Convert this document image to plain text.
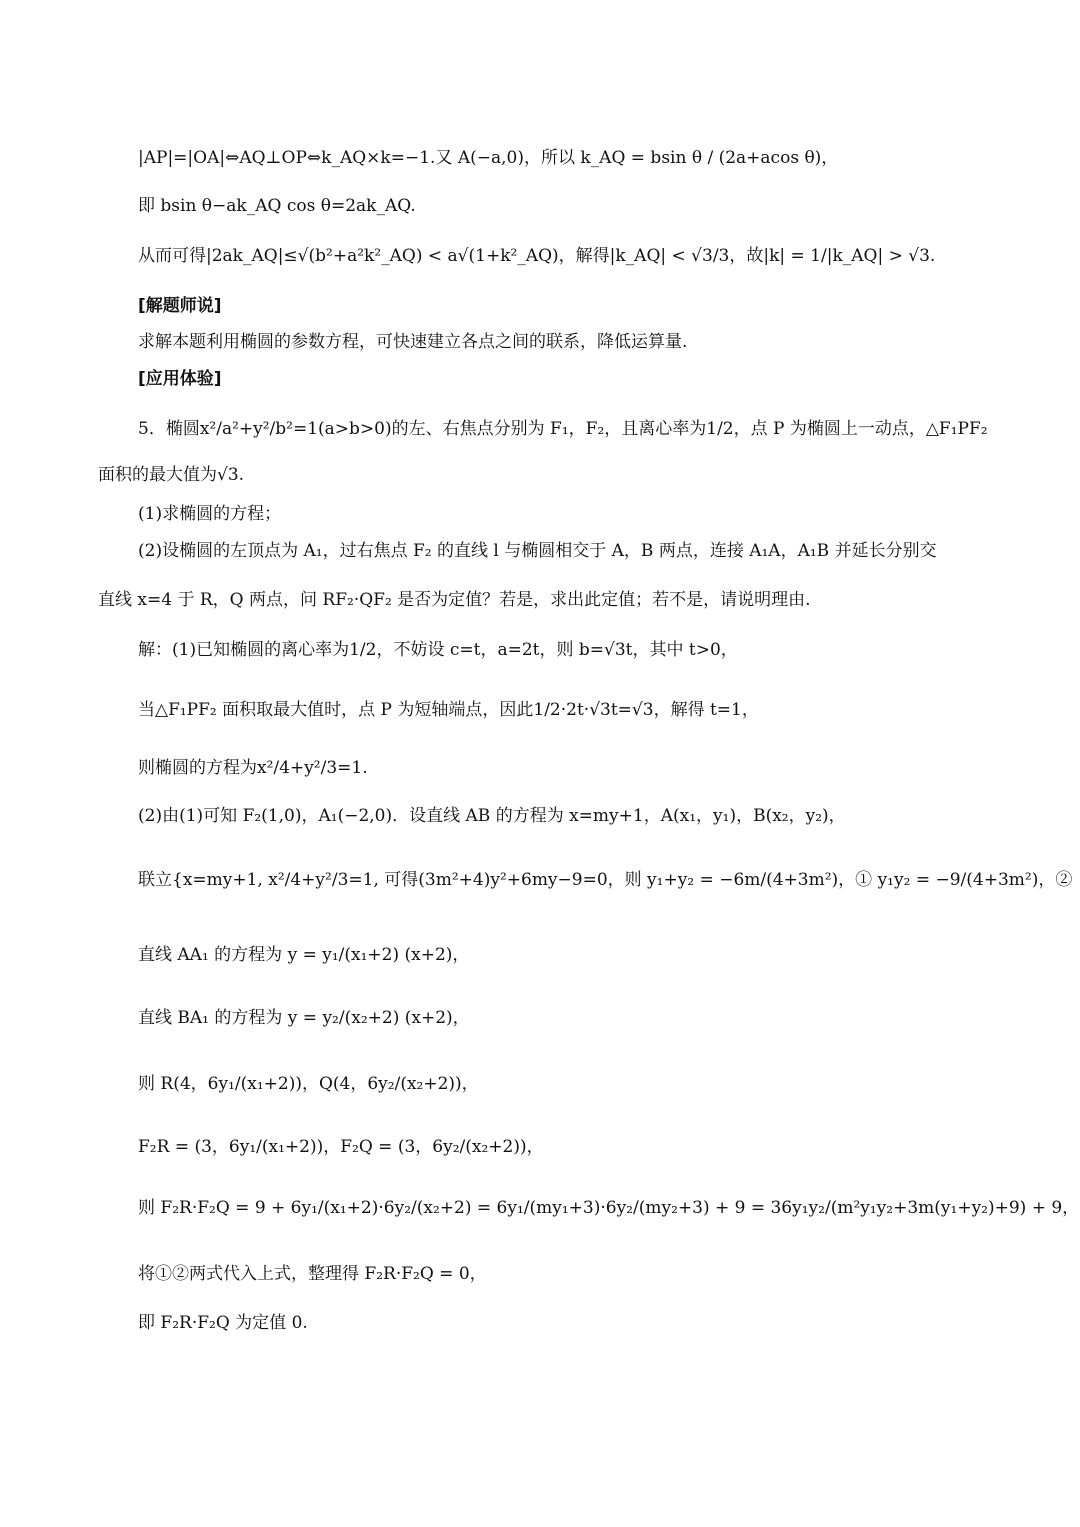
|AP|=|OA|⇔AQ⊥OP⇔k_AQ×k=−1.又 A(−a,0)，所以 k_AQ = bsin θ / (2a+acos θ)，
即 bsin θ−ak_AQ cos θ=2ak_AQ.
从而可得|2ak_AQ|≤√(b²+a²k²_AQ) < a√(1+k²_AQ)，解得|k_AQ| < √3/3，故|k| = 1/|k_AQ| > √3.
[解题师说]
求解本题利用椭圆的参数方程，可快速建立各点之间的联系，降低运算量.
[应用体验]
5．椭圆x²/a²+y²/b²=1(a>b>0)的左、右焦点分别为 F₁，F₂，且离心率为1/2，点 P 为椭圆上一动点，△F₁PF₂
面积的最大值为√3.
(1)求椭圆的方程；
(2)设椭圆的左顶点为 A₁，过右焦点 F₂ 的直线 l 与椭圆相交于 A，B 两点，连接 A₁A，A₁B 并延长分别交
直线 x=4 于 R，Q 两点，问 RF₂·QF₂ 是否为定值？若是，求出此定值；若不是，请说明理由.
解：(1)已知椭圆的离心率为1/2，不妨设 c=t，a=2t，则 b=√3t，其中 t>0，
当△F₁PF₂ 面积取最大值时，点 P 为短轴端点，因此1/2·2t·√3t=√3，解得 t=1，
则椭圆的方程为x²/4+y²/3=1.
(2)由(1)可知 F₂(1,0)，A₁(−2,0)．设直线 AB 的方程为 x=my+1，A(x₁，y₁)，B(x₂，y₂)，
联立{x=my+1, x²/4+y²/3=1, 可得(3m²+4)y²+6my−9=0，则 y₁+y₂ = −6m/(4+3m²)，① y₁y₂ = −9/(4+3m²)，②
直线 AA₁ 的方程为 y = y₁/(x₁+2) (x+2)，
直线 BA₁ 的方程为 y = y₂/(x₂+2) (x+2)，
则 R(4，6y₁/(x₁+2))，Q(4，6y₂/(x₂+2))，
F₂R = (3，6y₁/(x₁+2))，F₂Q = (3，6y₂/(x₂+2))，
则 F₂R·F₂Q = 9 + 6y₁/(x₁+2)·6y₂/(x₂+2) = 6y₁/(my₁+3)·6y₂/(my₂+3) + 9 = 36y₁y₂/(m²y₁y₂+3m(y₁+y₂)+9) + 9，
将①②两式代入上式，整理得 F₂R·F₂Q = 0，
即 F₂R·F₂Q 为定值 0.
